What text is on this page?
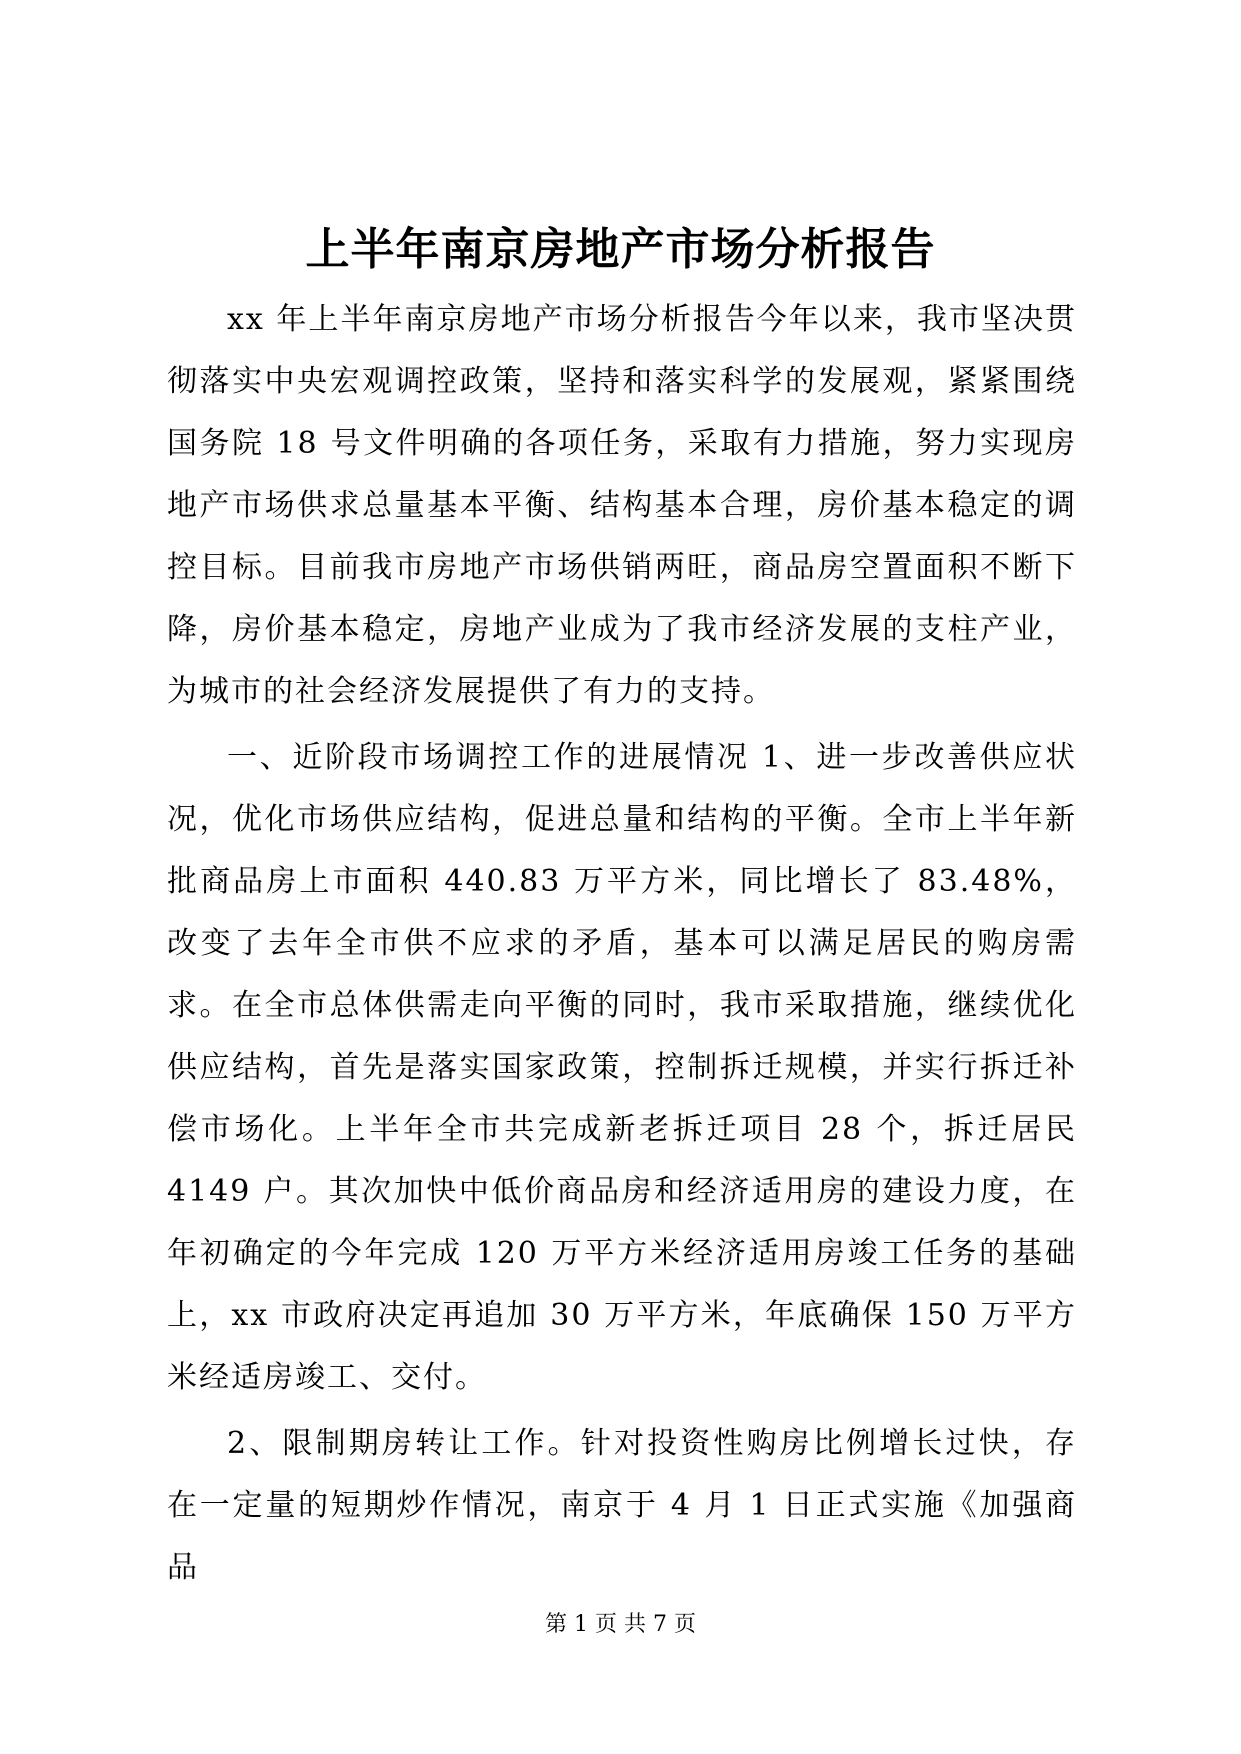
上半年南京房地产市场分析报告

xx 年上半年南京房地产市场分析报告今年以来，我市坚决贯彻落实中央宏观调控政策，坚持和落实科学的发展观，紧紧围绕国务院 18 号文件明确的各项任务，采取有力措施，努力实现房地产市场供求总量基本平衡、结构基本合理，房价基本稳定的调控目标。目前我市房地产市场供销两旺，商品房空置面积不断下降，房价基本稳定，房地产业成为了我市经济发展的支柱产业，为城市的社会经济发展提供了有力的支持。

一、近阶段市场调控工作的进展情况 1、进一步改善供应状况，优化市场供应结构，促进总量和结构的平衡。全市上半年新批商品房上市面积 440.83 万平方米，同比增长了 83.48%，改变了去年全市供不应求的矛盾，基本可以满足居民的购房需求。在全市总体供需走向平衡的同时，我市采取措施，继续优化供应结构，首先是落实国家政策，控制拆迁规模，并实行拆迁补偿市场化。上半年全市共完成新老拆迁项目 28 个，拆迁居民 4149 户。其次加快中低价商品房和经济适用房的建设力度，在年初确定的今年完成 120 万平方米经济适用房竣工任务的基础上，xx 市政府决定再追加 30 万平方米，年底确保 150 万平方米经适房竣工、交付。

2、限制期房转让工作。针对投资性购房比例增长过快，存在一定量的短期炒作情况，南京于 4 月 1 日正式实施《加强商品

第 1 页 共 7 页
